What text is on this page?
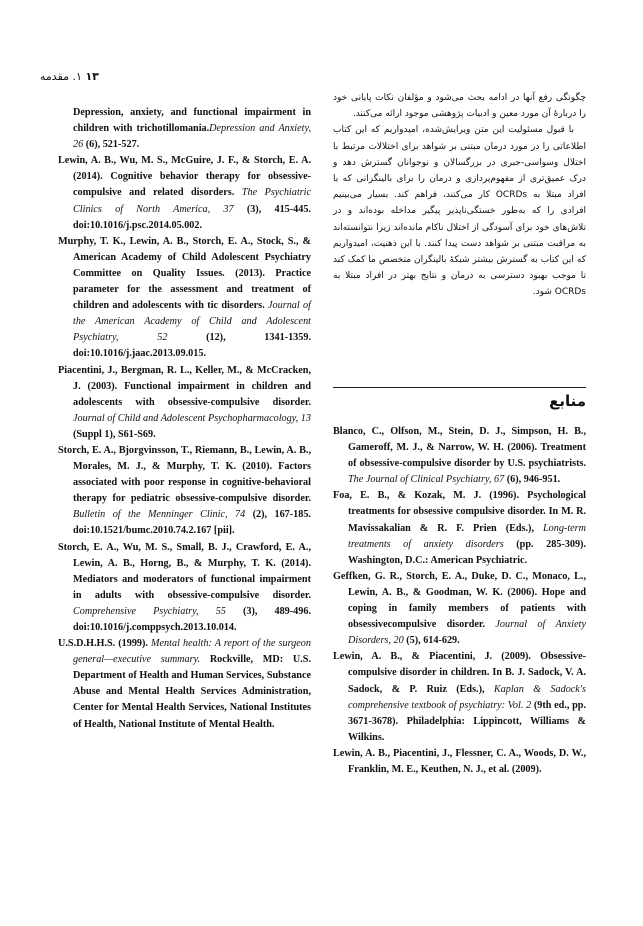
۱۳ ۱. مقدمه

چگونگی رفع آنها در ادامه بحث می‌شود و مؤلفان نکات پایانی خود را دربارهٔ آن مورد معین و ادبیات پژوهشی موجود ارائه می‌کنند.

با قبول مسئولیت این متن ویرایش‌شده، امیدواریم که این کتاب اطلاعاتی را در مورد درمان مبتنی بر شواهد برای اختلالات مرتبط با اختلال وسواسی-جبری در بزرگسالان و نوجوانان گسترش دهد و درک عمیق‌تری از مفهوم‌پردازی و درمان را برای بالینگرانی که با افراد مبتلا به OCRDs کار می‌کنند، فراهم کند. بسیار می‌بینیم افرادی را که به‌طور خستگی‌ناپذیر پیگیر مداخله بوده‌اند و در تلاش‌های خود برای آسودگی از اختلال ناکام مانده‌اند زیرا نتوانسته‌اند به مراقبت مبتنی بر شواهد دست پیدا کنند. با این ذهنیت، امیدواریم که این کتاب به گسترش بیشتر شبکهٔ بالینگران متخصص ما کمک کند تا موجب بهبود دسترسی به درمان و نتایج بهتر در افراد مبتلا به OCRDs شود.

منابع

Depression, anxiety, and functional impairment in children with trichotillomania.Depression and Anxiety, 26 (6), 521-527.

Lewin, A. B., Wu, M. S., McGuire, J. F., & Storch, E. A. (2014). Cognitive behavior therapy for obsessive-compulsive and related disorders. The Psychiatric Clinics of North America, 37 (3), 415-445. doi:10.1016/j.psc.2014.05.002.

Murphy, T. K., Lewin, A. B., Storch, E. A., Stock, S., & American Academy of Child Adolescent Psychiatry Committee on Quality Issues. (2013). Practice parameter for the assessment and treatment of children and adolescents with tic disorders. Journal of the American Academy of Child and Adolescent Psychiatry, 52 (12), 1341-1359. doi:10.1016/j.jaac.2013.09.015.

Piacentini, J., Bergman, R. L., Keller, M., & McCracken, J. (2003). Functional impairment in children and adolescents with obsessive-compulsive disorder. Journal of Child and Adolescent Psychopharmacology, 13 (Suppl 1), S61-S69.

Storch, E. A., Bjorgvinsson, T., Riemann, B., Lewin, A. B., Morales, M. J., & Murphy, T. K. (2010). Factors associated with poor response in cognitive-behavioral therapy for pediatric obsessive-compulsive disorder. Bulletin of the Menninger Clinic, 74 (2), 167-185. doi:10.1521/bumc.2010.74.2.167 [pii].

Storch, E. A., Wu, M. S., Small, B. J., Crawford, E. A., Lewin, A. B., Horng, B., & Murphy, T. K. (2014). Mediators and moderators of functional impairment in adults with obsessive-compulsive disorder. Comprehensive Psychiatry, 55 (3), 489-496. doi:10.1016/j.comppsych.2013.10.014.

U.S.D.H.H.S. (1999). Mental health: A report of the surgeon general—executive summary. Rockville, MD: U.S. Department of Health and Human Services, Substance Abuse and Mental Health Services Administration, Center for Mental Health Services, National Institutes of Health, National Institute of Mental Health.

Blanco, C., Olfson, M., Stein, D. J., Simpson, H. B., Gameroff, M. J., & Narrow, W. H. (2006). Treatment of obsessive-compulsive disorder by U.S. psychiatrists. The Journal of Clinical Psychiatry, 67 (6), 946-951.

Foa, E. B., & Kozak, M. J. (1996). Psychological treatments for obsessive compulsive disorder. In M. R. Mavissakalian & R. F. Prien (Eds.), Long-term treatments of anxiety disorders (pp. 285-309). Washington, D.C.: American Psychiatric.

Geffken, G. R., Storch, E. A., Duke, D. C., Monaco, L., Lewin, A. B., & Goodman, W. K. (2006). Hope and coping in family members of patients with obsessivecompulsive disorder. Journal of Anxiety Disorders, 20 (5), 614-629.

Lewin, A. B., & Piacentini, J. (2009). Obsessive-compulsive disorder in children. In B. J. Sadock, V. A. Sadock, & P. Ruiz (Eds.), Kaplan & Sadock's comprehensive textbook of psychiatry: Vol. 2 (9th ed., pp. 3671-3678). Philadelphia: Lippincott, Williams & Wilkins.

Lewin, A. B., Piacentini, J., Flessner, C. A., Woods, D. W., Franklin, M. E., Keuthen, N. J., et al. (2009).
